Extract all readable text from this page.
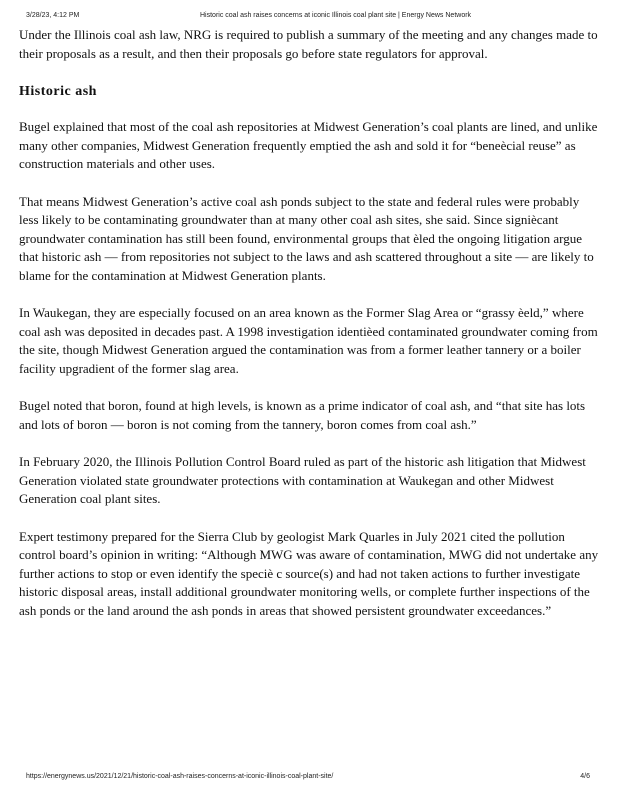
3/28/23, 4:12 PM	Historic coal ash raises concerns at iconic Illinois coal plant site | Energy News Network

Under the Illinois coal ash law, NRG is required to publish a summary of the meeting and any changes made to their proposals as a result, and then their proposals go before state regulators for approval.

Historic ash

Bugel explained that most of the coal ash repositories at Midwest Generation’s coal plants are lined, and unlike many other companies, Midwest Generation frequently emptied the ash and sold it for “beneècial reuse” as construction materials and other uses.

That means Midwest Generation’s active coal ash ponds subject to the state and federal rules were probably less likely to be contaminating groundwater than at many other coal ash sites, she said. Since signiècant groundwater contamination has still been found, environmental groups that èled the ongoing litigation argue that historic ash — from repositories not subject to the laws and ash scattered throughout a site — are likely to blame for the contamination at Midwest Generation plants.

In Waukegan, they are especially focused on an area known as the Former Slag Area or “grassy èeld,” where coal ash was deposited in decades past. A 1998 investigation identièed contaminated groundwater coming from the site, though Midwest Generation argued the contamination was from a former leather tannery or a boiler facility upgradient of the former slag area.

Bugel noted that boron, found at high levels, is known as a prime indicator of coal ash, and “that site has lots and lots of boron — boron is not coming from the tannery, boron comes from coal ash.”

In February 2020, the Illinois Pollution Control Board ruled as part of the historic ash litigation that Midwest Generation violated state groundwater protections with contamination at Waukegan and other Midwest Generation coal plant sites.

Expert testimony prepared for the Sierra Club by geologist Mark Quarles in July 2021 cited the pollution control board’s opinion in writing: “Although MWG was aware of contamination, MWG did not undertake any further actions to stop or even identify the speciè c source(s) and had not taken actions to further investigate historic disposal areas, install additional groundwater monitoring wells, or complete further inspections of the ash ponds or the land around the ash ponds in areas that showed persistent groundwater exceedances.”

https://energynews.us/2021/12/21/historic-coal-ash-raises-concerns-at-iconic-illinois-coal-plant-site/	4/6
